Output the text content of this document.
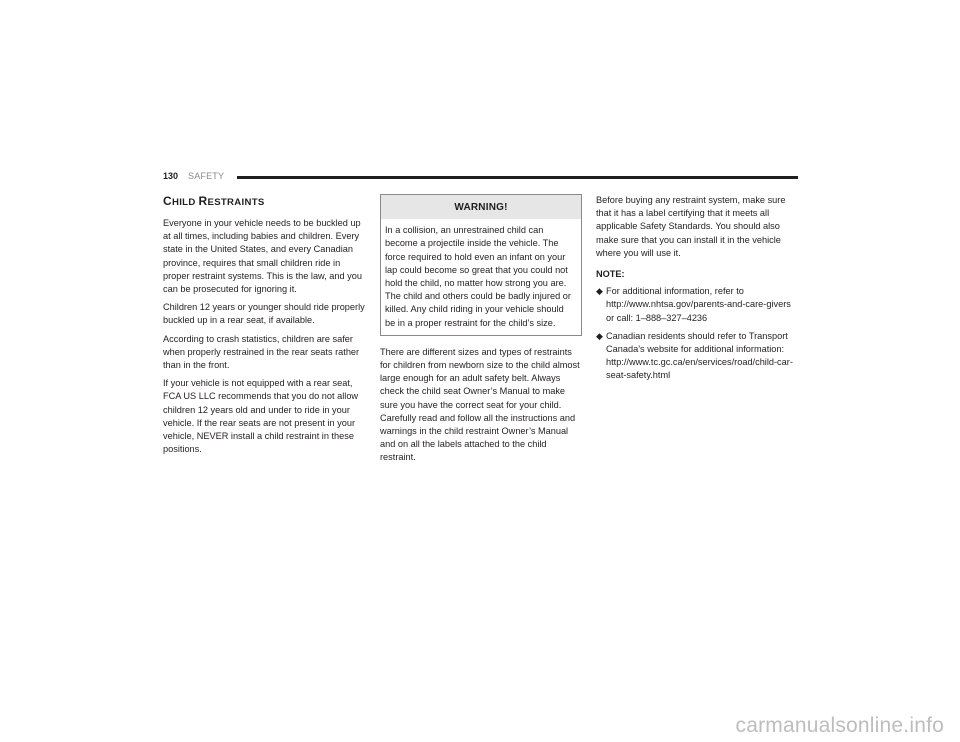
130 SAFETY
CHILD RESTRAINTS

Everyone in your vehicle needs to be buckled up at all times, including babies and children. Every state in the United States, and every Canadian province, requires that small children ride in proper restraint systems. This is the law, and you can be prosecuted for ignoring it.

Children 12 years or younger should ride properly buckled up in a rear seat, if available.

According to crash statistics, children are safer when properly restrained in the rear seats rather than in the front.

If your vehicle is not equipped with a rear seat, FCA US LLC recommends that you do not allow children 12 years old and under to ride in your vehicle. If the rear seats are not present in your vehicle, NEVER install a child restraint in these positions.

WARNING!
In a collision, an unrestrained child can become a projectile inside the vehicle. The force required to hold even an infant on your lap could become so great that you could not hold the child, no matter how strong you are. The child and others could be badly injured or killed. Any child riding in your vehicle should be in a proper restraint for the child’s size.

There are different sizes and types of restraints for children from newborn size to the child almost large enough for an adult safety belt. Always check the child seat Owner’s Manual to make sure you have the correct seat for your child. Carefully read and follow all the instructions and warnings in the child restraint Owner’s Manual and on all the labels attached to the child restraint.

Before buying any restraint system, make sure that it has a label certifying that it meets all applicable Safety Standards. You should also make sure that you can install it in the vehicle where you will use it.

NOTE:
◆ For additional information, refer to http://www.nhtsa.gov/parents-and-care-givers or call: 1–888–327–4236
◆ Canadian residents should refer to Transport Canada’s website for additional information: http://www.tc.gc.ca/en/services/road/child-car-seat-safety.html
carmanualsonline.info
